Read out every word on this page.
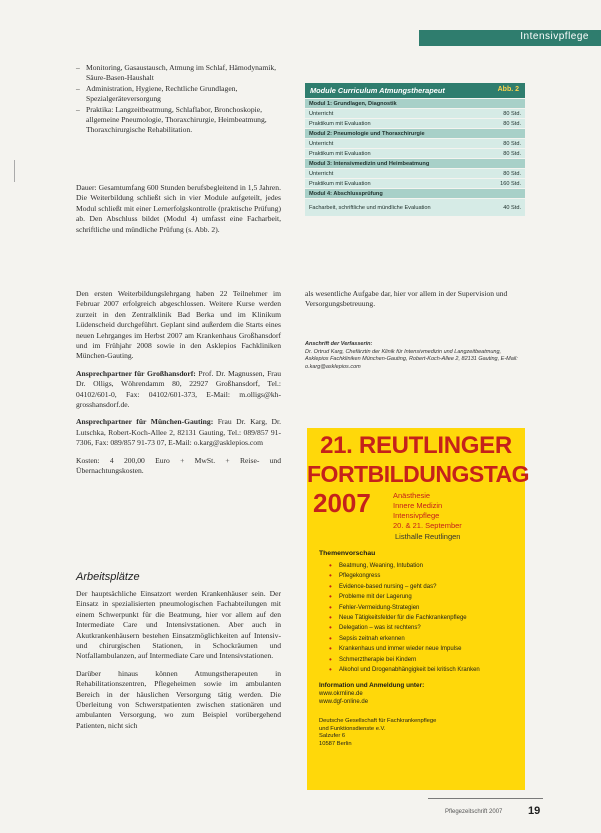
Intensivpflege
– Monitoring, Gasaustausch, Atmung im Schlaf, Hämodynamik, Säure-Basen-Haushalt
– Administration, Hygiene, Rechtliche Grundlagen, Spezialgeräteversorgung
– Praktika: Langzeitbeatmung, Schlaflabor, Bronchoskopie, allgemeine Pneumologie, Thoraxchirurgie, Heimbeatmung, Thoraxchirurgische Rehabilitation.

Dauer: Gesamtumfang 600 Stunden berufsbegleitend in 1,5 Jahren. Die Weiterbildung schließt sich in vier Module aufgeteilt, jedes Modul schließt mit einer Lernerfolgskontrolle (praktische Prüfung) ab. Den Abschluss bildet (Modul 4) umfasst eine Facharbeit, schriftliche und mündliche Prüfung (s. Abb. 2).

Den ersten Weiterbildungslehrgang haben 22 Teilnehmer im Februar 2007 erfolgreich abgeschlossen. Weitere Kurse werden zurzeit in den Zentralklinik Bad Berka und im Klinikum Lüdenscheid durchgeführt. Geplant sind außerdem die Starts eines neuen Lehrganges im Herbst 2007 am Krankenhaus Großhansdorf und im Frühjahr 2008 sowie in den Asklepios Fachkliniken München-Gauting.

Ansprechpartner für Großhansdorf: Prof. Dr. Magnussen, Frau Dr. Olligs, Wöhrendamm 80, 22927 Großhansdorf, Tel.: 04102/601-0, Fax: 04102/601-373, E-Mail: m.olligs@kh-grosshansdorf.de.

Ansprechpartner für München-Gauting: Frau Dr. Karg, Dr. Lutschka, Robert-Koch-Allee 2, 82131 Gauting, Tel.: 089/857 91-7306, Fax: 089/857 91-73 07, E-Mail: o.karg@asklepios.com

Kosten: 4 200,00 Euro + MwSt. + Reise- und Übernachtungskosten.

Arbeitsplätze

Der hauptsächliche Einsatzort werden Krankenhäuser sein. Der Einsatz in spezialisierten pneumologischen Fachabteilungen mit einem Schwerpunkt für die Beatmung, hier vor allem auf den Intermediate Care und Intensivstationen. Aber auch in Akutkrankenhäusern bestehen Einsatzmöglichkeiten auf Intensiv- und chirurgischen Stationen, in Schockräumen und Notfallambulanzen, auf Intermediate Care und Intensivstationen.

Darüber hinaus können Atmungstherapeuten in Rehabilitationszentren, Pflegeheimen sowie im ambulanten Bereich in der häuslichen Versorgung tätig werden. Die Überleitung von Schwerstpatienten zwischen stationären und ambulanten Versorgung, wo zum Beispiel vorübergehend Patienten, nicht sich

Module Curriculum Atmungstherapeut	Abb. 2
Modul 1: Grundlagen, Diagnostik
Unterricht	80 Std.
Praktikum mit Evaluation	80 Std.
Modul 2: Pneumologie und Thoraxchirurgie
Unterricht	80 Std.
Praktikum mit Evaluation	80 Std.
Modul 3: Intensivmedizin und Heimbeatmung
Unterricht	80 Std.
Praktikum mit Evaluation	160 Std.
Modul 4: Abschlussprüfung
Facharbeit, schriftliche und mündliche Evaluation	40 Std.

als wesentliche Aufgabe dar, hier vor allem in der Supervision und Versorgungsbetreuung.

Anschrift der Verfasserin:
Dr. Ortrud Karg, Chefärztin der Klinik für Intensivmedizin und Langzeitbeatmung, Asklepios Fachkliniken München-Gauting, Robert-Koch-Allee 2, 82131 Gauting, E-Mail: o.karg@asklepios.com
21. REUTLINGER
FORTBILDUNGSTAG
2007	Anästhesie
Innere Medizin
Intensivpflege
20. & 21. September
Listhalle Reutlingen
Themenvorschau
• Beatmung, Weaning, Intubation
• Pflegekongress
• Evidence-based nursing – geht das?
• Probleme mit der Lagerung
• Fehler-Vermeidung-Strategien
• Neue Tätigkeitsfelder für die Fachkrankenpflege
• Delegation – was ist rechtens?
• Sepsis zeitnah erkennen
• Krankenhaus und immer wieder neue Impulse
• Schmerztherapie bei Kindern
• Alkohol und Drogenabhängigkeit bei kritisch Kranken
Information und Anmeldung unter:
www.okrnline.de
www.dgf-online.de
Deutsche Gesellschaft für Fachkrankenpflege
und Funktionsdienste e.V.
Salzufer 6
10587 Berlin
Pflegezeitschrift 2007 19
